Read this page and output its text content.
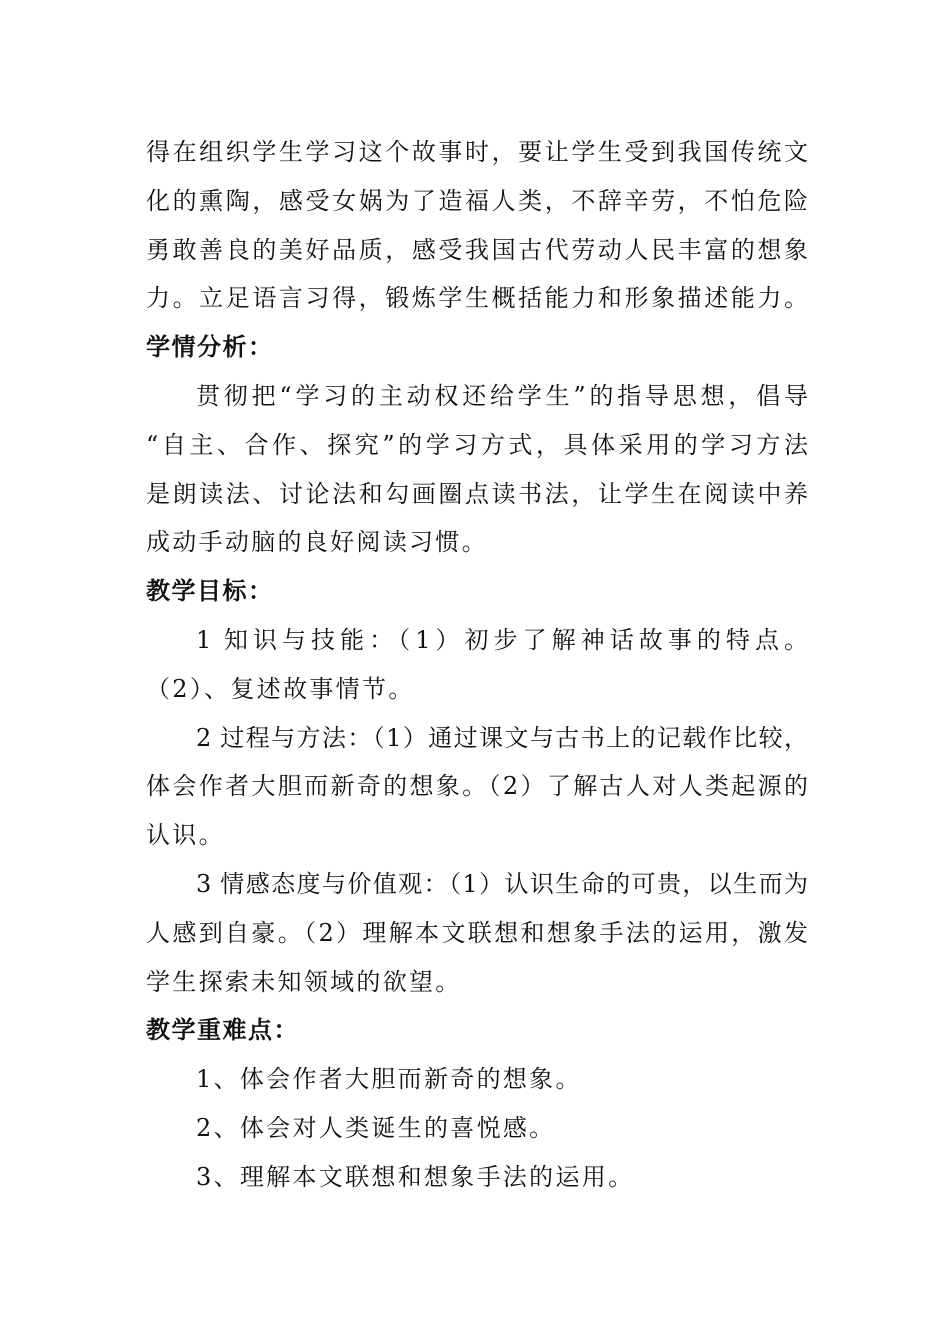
得在组织学生学习这个故事时，要让学生受到我国传统文
化的熏陶，感受女娲为了造福人类，不辞辛劳，不怕危险
勇敢善良的美好品质，感受我国古代劳动人民丰富的想象
力。立足语言习得，锻炼学生概括能力和形象描述能力。
学情分析：
贯彻把“学习的主动权还给学生”的指导思想，倡导
“自主、合作、探究”的学习方式，具体采用的学习方法
是朗读法、讨论法和勾画圈点读书法，让学生在阅读中养
成动手动脑的良好阅读习惯。
教学目标：
1 知识与技能：（1）初步了解神话故事的特点。
（2）、复述故事情节。
2 过程与方法：（1）通过课文与古书上的记载作比较，
体会作者大胆而新奇的想象。（2）了解古人对人类起源的
认识。
3 情感态度与价值观：（1）认识生命的可贵，以生而为
人感到自豪。（2）理解本文联想和想象手法的运用，激发
学生探索未知领域的欲望。
教学重难点：
1、体会作者大胆而新奇的想象。
2、体会对人类诞生的喜悦感。
3、理解本文联想和想象手法的运用。
